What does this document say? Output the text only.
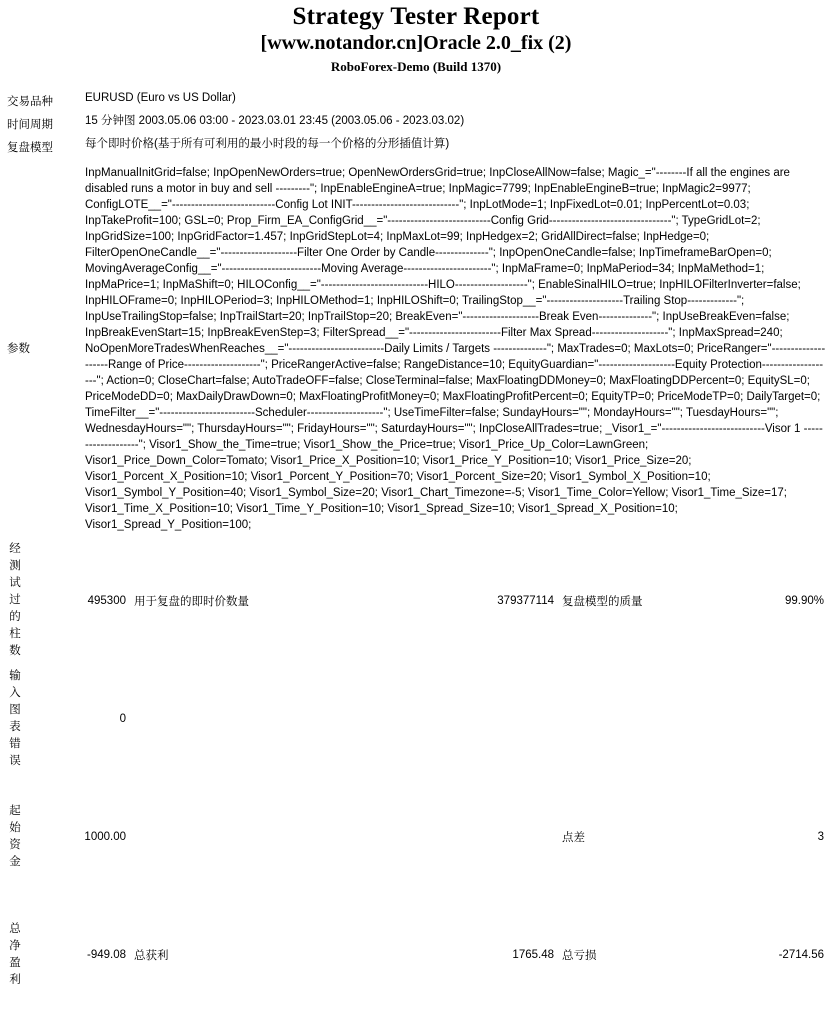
Strategy Tester Report
[www.notandor.cn]Oracle 2.0_fix (2)
RoboForex-Demo (Build 1370)
交易品种	EURUSD (Euro vs US Dollar)
时间周期	15 分钟图 2003.05.06 03:00 - 2023.03.01 23:45 (2003.05.06 - 2023.03.02)
复盘模型	每个即时价格(基于所有可利用的最小时段的每一个价格的分形插值计算)
参数	InpManualInitGrid=false; InpOpenNewOrders=true; OpenNewOrdersGrid=true; InpCloseAllNow=false; Magic_="--------If all the engines are disabled runs a motor in buy and sell ---------"; InpEnableEngineA=true; InpMagic=7799; InpEnableEngineB=true; InpMagic2=9977; ConfigLOTE__="---------------------------Config Lot INIT----------------------------"; InpLotMode=1; InpFixedLot=0.01; InpPercentLot=0.03; InpTakeProfit=100; GSL=0; Prop_Firm_EA_ConfigGrid__="---------------------------Config Grid--------------------------------"; TypeGridLot=2; InpGridSize=100; InpGridFactor=1.457; InpGridStepLot=4; InpMaxLot=99; InpHedgex=2; GridAllDirect=false; InpHedge=0; FilterOpenOneCandle__="--------------------Filter One Order by Candle--------------"; InpOpenOneCandle=false; InpTimeframeBarOpen=0; MovingAverageConfig__="--------------------------Moving Average-----------------------"; InpMaFrame=0; InpMaPeriod=34; InpMaMethod=1; InpMaPrice=1; InpMaShift=0; HILOConfig__="----------------------------HILO-------------------"; EnableSinalHILO=true; InpHILOFilterInverter=false; InpHILOFrame=0; InpHILOPeriod=3; InpHILOMethod=1; InpHILOShift=0; TrailingStop__="--------------------Trailing Stop-------------"; InpUseTrailingStop=false; InpTrailStart=20; InpTrailStop=20; BreakEven="--------------------Break Even--------------"; InpUseBreakEven=false; InpBreakEvenStart=15; InpBreakEvenStep=3; FilterSpread__="------------------------Filter Max Spread--------------------"; InpMaxSpread=240; NoOpenMoreTradesWhenReaches__="-------------------------Daily Limits / Targets --------------"; MaxTrades=0; MaxLots=0; PriceRanger="--------------------Range of Price--------------------"; PriceRangerActive=false; RangeDistance=10; EquityGuardian="--------------------Equity Protection-------------------"; Action=0; CloseChart=false; AutoTradeOFF=false; CloseTerminal=false; MaxFloatingDDMoney=0; MaxFloatingDDPercent=0; EquitySL=0; PriceModeDD=0; MaxDailyDrawDown=0; MaxFloatingProfitMoney=0; MaxFloatingProfitPercent=0; EquityTP=0; PriceModeTP=0; DailyTarget=0; TimeFilter__="-------------------------Scheduler--------------------"; UseTimeFilter=false; SundayHours=""; MondayHours=""; TuesdayHours=""; WednesdayHours=""; ThursdayHours=""; FridayHours=""; SaturdayHours=""; InpCloseAllTrades=true; _Visor1_="---------------------------Visor 1 -------------------"; Visor1_Show_the_Time=true; Visor1_Show_the_Price=true; Visor1_Price_Up_Color=LawnGreen; Visor1_Price_Down_Color=Tomato; Visor1_Price_X_Position=10; Visor1_Price_Y_Position=10; Visor1_Price_Size=20; Visor1_Porcent_X_Position=10; Visor1_Porcent_Y_Position=70; Visor1_Porcent_Size=20; Visor1_Symbol_X_Position=10; Visor1_Symbol_Y_Position=40; Visor1_Symbol_Size=20; Visor1_Chart_Timezone=-5; Visor1_Time_Color=Yellow; Visor1_Time_Size=17; Visor1_Time_X_Position=10; Visor1_Time_Y_Position=10; Visor1_Spread_Size=10; Visor1_Spread_X_Position=10; Visor1_Spread_Y_Position=100;
经测试过的柱数	495300	用于复盘的即时价数量	379377114	复盘模型的质量	99.90%
输入图表错误	0				
起始资金	1000.00			点差	3
总净盈利	-949.08	总获利	1765.48	总亏损	-2714.56
